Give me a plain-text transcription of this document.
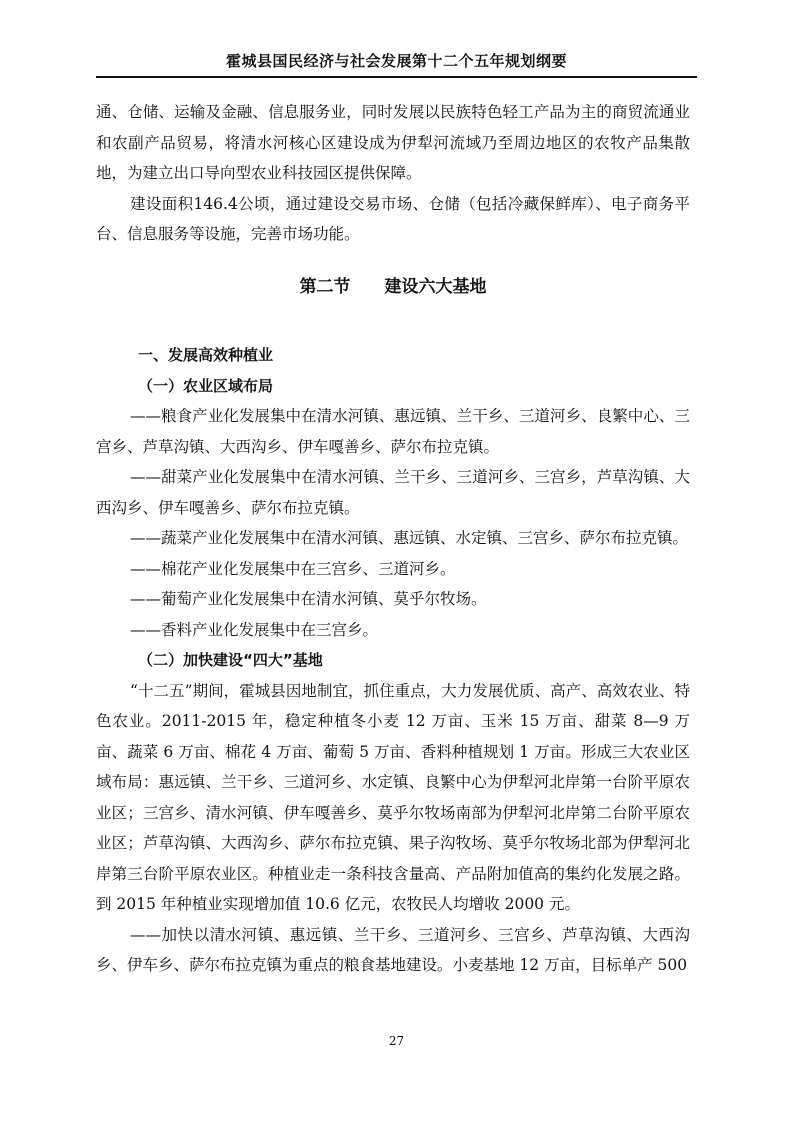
霍城县国民经济与社会发展第十二个五年规划纲要

通、仓储、运输及金融、信息服务业，同时发展以民族特色轻工产品为主的商贸流通业和农副产品贸易，将清水河核心区建设成为伊犁河流域乃至周边地区的农牧产品集散地，为建立出口导向型农业科技园区提供保障。

建设面积146.4公顷，通过建设交易市场、仓储（包括冷藏保鲜库）、电子商务平台、信息服务等设施，完善市场功能。

第二节 建设六大基地

一、发展高效种植业

（一）农业区域布局

——粮食产业化发展集中在清水河镇、惠远镇、兰干乡、三道河乡、良繁中心、三宫乡、芦草沟镇、大西沟乡、伊车嘎善乡、萨尔布拉克镇。

——甜菜产业化发展集中在清水河镇、兰干乡、三道河乡、三宫乡，芦草沟镇、大西沟乡、伊车嘎善乡、萨尔布拉克镇。

——蔬菜产业化发展集中在清水河镇、惠远镇、水定镇、三宫乡、萨尔布拉克镇。

——棉花产业化发展集中在三宫乡、三道河乡。

——葡萄产业化发展集中在清水河镇、莫乎尔牧场。

——香料产业化发展集中在三宫乡。

（二）加快建设“四大”基地

“十二五”期间，霍城县因地制宜，抓住重点，大力发展优质、高产、高效农业、特色农业。2011-2015 年，稳定种植冬小麦 12 万亩、玉米 15 万亩、甜菜 8—9 万亩、蔬菜 6 万亩、棉花 4 万亩、葡萄 5 万亩、香料种植规划 1 万亩。形成三大农业区域布局：惠远镇、兰干乡、三道河乡、水定镇、良繁中心为伊犁河北岸第一台阶平原农业区；三宫乡、清水河镇、伊车嘎善乡、莫乎尔牧场南部为伊犁河北岸第二台阶平原农业区；芦草沟镇、大西沟乡、萨尔布拉克镇、果子沟牧场、莫乎尔牧场北部为伊犁河北岸第三台阶平原农业区。种植业走一条科技含量高、产品附加值高的集约化发展之路。到 2015 年种植业实现增加值 10.6 亿元，农牧民人均增收 2000 元。

——加快以清水河镇、惠远镇、兰干乡、三道河乡、三宫乡、芦草沟镇、大西沟乡、伊车乡、萨尔布拉克镇为重点的粮食基地建设。小麦基地 12 万亩，目标单产 500

27
